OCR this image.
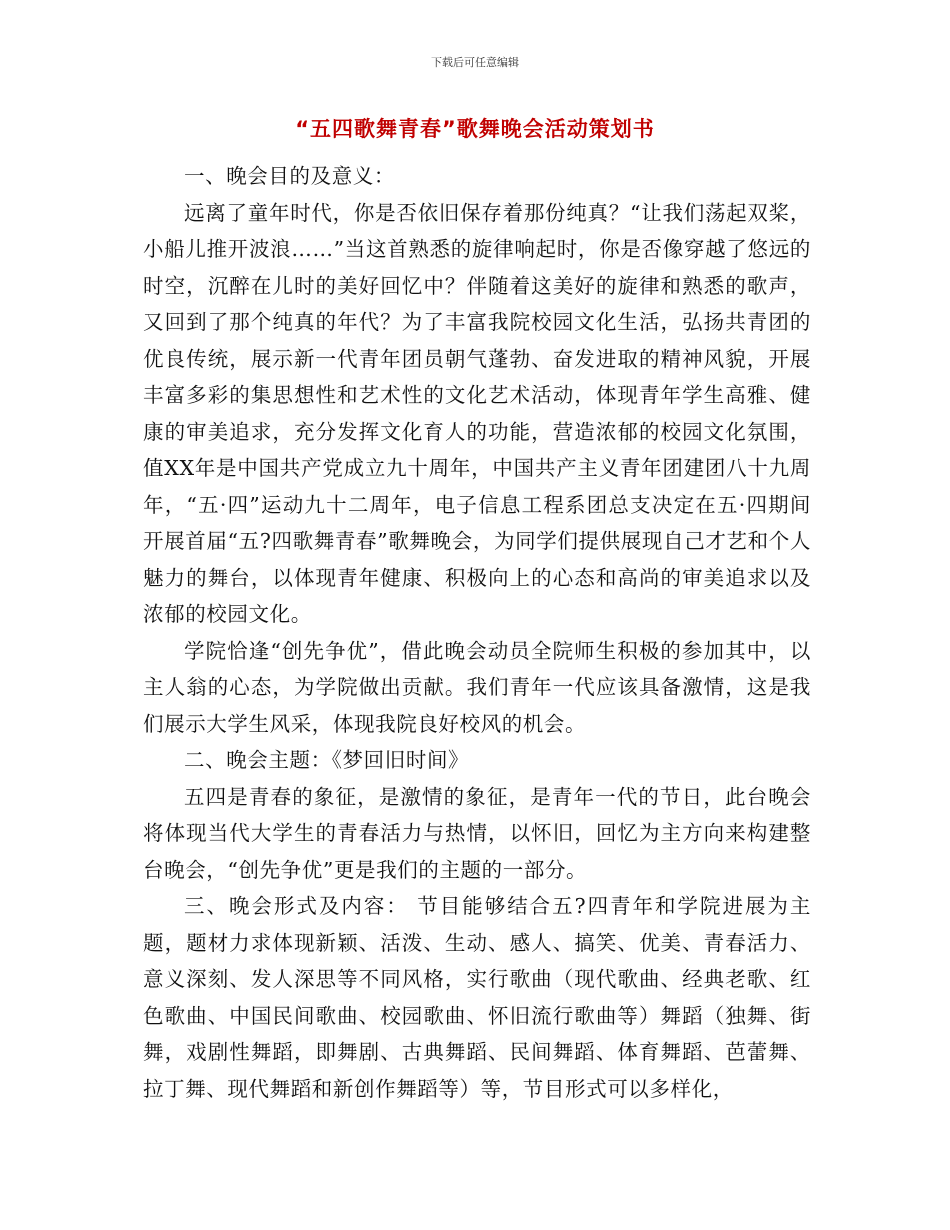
下载后可任意编辑
“五四歌舞青春”歌舞晚会活动策划书

一、晚会目的及意义：

远离了童年时代，你是否依旧保存着那份纯真？“让我们荡起双桨，小船儿推开波浪……”当这首熟悉的旋律响起时，你是否像穿越了悠远的时空，沉醉在儿时的美好回忆中？伴随着这美好的旋律和熟悉的歌声，又回到了那个纯真的年代？为了丰富我院校园文化生活，弘扬共青团的优良传统，展示新一代青年团员朝气蓬勃、奋发进取的精神风貌，开展丰富多彩的集思想性和艺术性的文化艺术活动，体现青年学生高雅、健康的审美追求，充分发挥文化育人的功能，营造浓郁的校园文化氛围，值XX年是中国共产党成立九十周年，中国共产主义青年团建团八十九周年，“五·四”运动九十二周年，电子信息工程系团总支决定在五·四期间开展首届“五?四歌舞青春”歌舞晚会，为同学们提供展现自己才艺和个人魅力的舞台，以体现青年健康、积极向上的心态和高尚的审美追求以及浓郁的校园文化。

学院恰逢“创先争优”，借此晚会动员全院师生积极的参加其中，以主人翁的心态，为学院做出贡献。我们青年一代应该具备激情，这是我们展示大学生风采，体现我院良好校风的机会。

二、晚会主题：《梦回旧时间》

五四是青春的象征，是激情的象征，是青年一代的节日，此台晚会将体现当代大学生的青春活力与热情，以怀旧，回忆为主方向来构建整台晚会，“创先争优”更是我们的主题的一部分。

三、晚会形式及内容： 节目能够结合五?四青年和学院进展为主题，题材力求体现新颖、活泼、生动、感人、搞笑、优美、青春活力、意义深刻、发人深思等不同风格，实行歌曲（现代歌曲、经典老歌、红色歌曲、中国民间歌曲、校园歌曲、怀旧流行歌曲等）舞蹈（独舞、街舞，戏剧性舞蹈，即舞剧、古典舞蹈、民间舞蹈、体育舞蹈、芭蕾舞、拉丁舞、现代舞蹈和新创作舞蹈等）等，节目形式可以多样化，
